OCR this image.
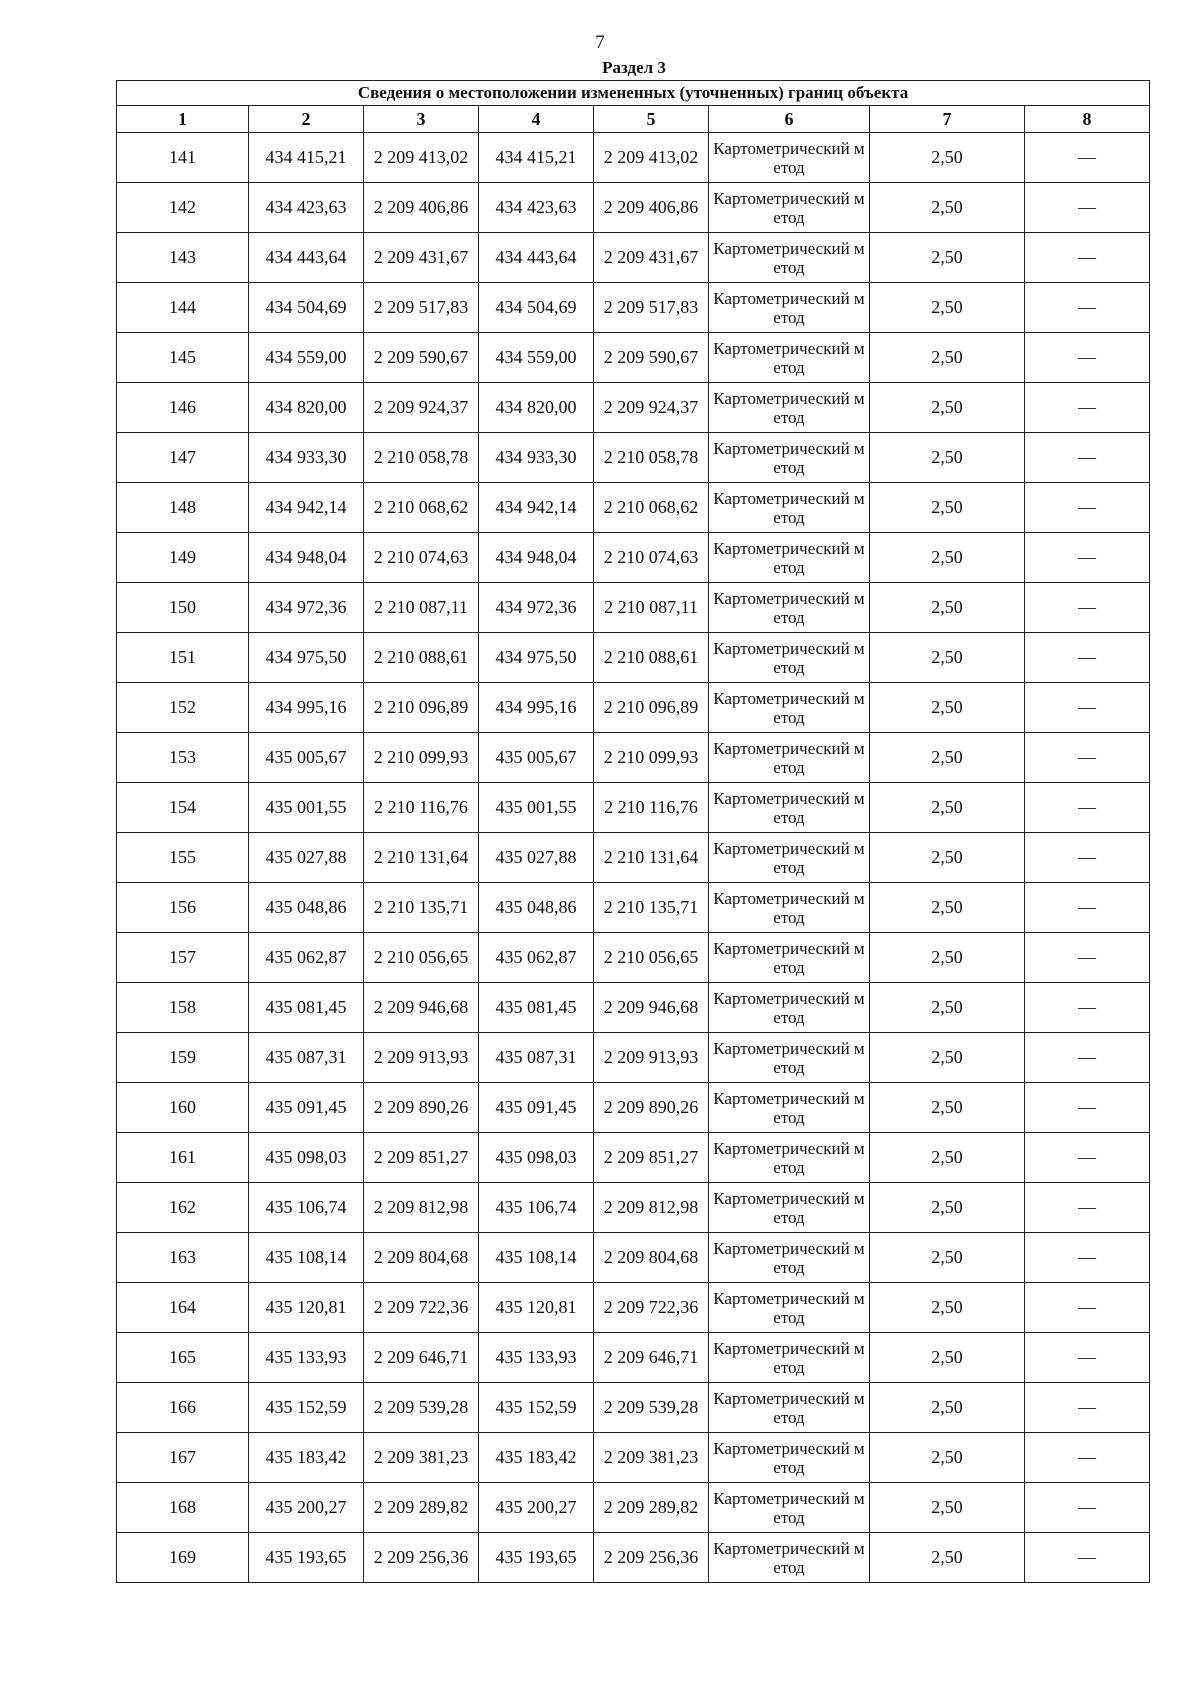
7
Раздел 3
Сведения о местоположении измененных (уточненных) границ объекта							
1	2	3	4	5	6	7	8
141	434 415,21	2 209 413,02	434 415,21	2 209 413,02	Картометрический метод	2,50	—
142	434 423,63	2 209 406,86	434 423,63	2 209 406,86	Картометрический метод	2,50	—
143	434 443,64	2 209 431,67	434 443,64	2 209 431,67	Картометрический метод	2,50	—
144	434 504,69	2 209 517,83	434 504,69	2 209 517,83	Картометрический метод	2,50	—
145	434 559,00	2 209 590,67	434 559,00	2 209 590,67	Картометрический метод	2,50	—
146	434 820,00	2 209 924,37	434 820,00	2 209 924,37	Картометрический метод	2,50	—
147	434 933,30	2 210 058,78	434 933,30	2 210 058,78	Картометрический метод	2,50	—
148	434 942,14	2 210 068,62	434 942,14	2 210 068,62	Картометрический метод	2,50	—
149	434 948,04	2 210 074,63	434 948,04	2 210 074,63	Картометрический метод	2,50	—
150	434 972,36	2 210 087,11	434 972,36	2 210 087,11	Картометрический метод	2,50	—
151	434 975,50	2 210 088,61	434 975,50	2 210 088,61	Картометрический метод	2,50	—
152	434 995,16	2 210 096,89	434 995,16	2 210 096,89	Картометрический метод	2,50	—
153	435 005,67	2 210 099,93	435 005,67	2 210 099,93	Картометрический метод	2,50	—
154	435 001,55	2 210 116,76	435 001,55	2 210 116,76	Картометрический метод	2,50	—
155	435 027,88	2 210 131,64	435 027,88	2 210 131,64	Картометрический метод	2,50	—
156	435 048,86	2 210 135,71	435 048,86	2 210 135,71	Картометрический метод	2,50	—
157	435 062,87	2 210 056,65	435 062,87	2 210 056,65	Картометрический метод	2,50	—
158	435 081,45	2 209 946,68	435 081,45	2 209 946,68	Картометрический метод	2,50	—
159	435 087,31	2 209 913,93	435 087,31	2 209 913,93	Картометрический метод	2,50	—
160	435 091,45	2 209 890,26	435 091,45	2 209 890,26	Картометрический метод	2,50	—
161	435 098,03	2 209 851,27	435 098,03	2 209 851,27	Картометрический метод	2,50	—
162	435 106,74	2 209 812,98	435 106,74	2 209 812,98	Картометрический метод	2,50	—
163	435 108,14	2 209 804,68	435 108,14	2 209 804,68	Картометрический метод	2,50	—
164	435 120,81	2 209 722,36	435 120,81	2 209 722,36	Картометрический метод	2,50	—
165	435 133,93	2 209 646,71	435 133,93	2 209 646,71	Картометрический метод	2,50	—
166	435 152,59	2 209 539,28	435 152,59	2 209 539,28	Картометрический метод	2,50	—
167	435 183,42	2 209 381,23	435 183,42	2 209 381,23	Картометрический метод	2,50	—
168	435 200,27	2 209 289,82	435 200,27	2 209 289,82	Картометрический метод	2,50	—
169	435 193,65	2 209 256,36	435 193,65	2 209 256,36	Картометрический метод	2,50	—
